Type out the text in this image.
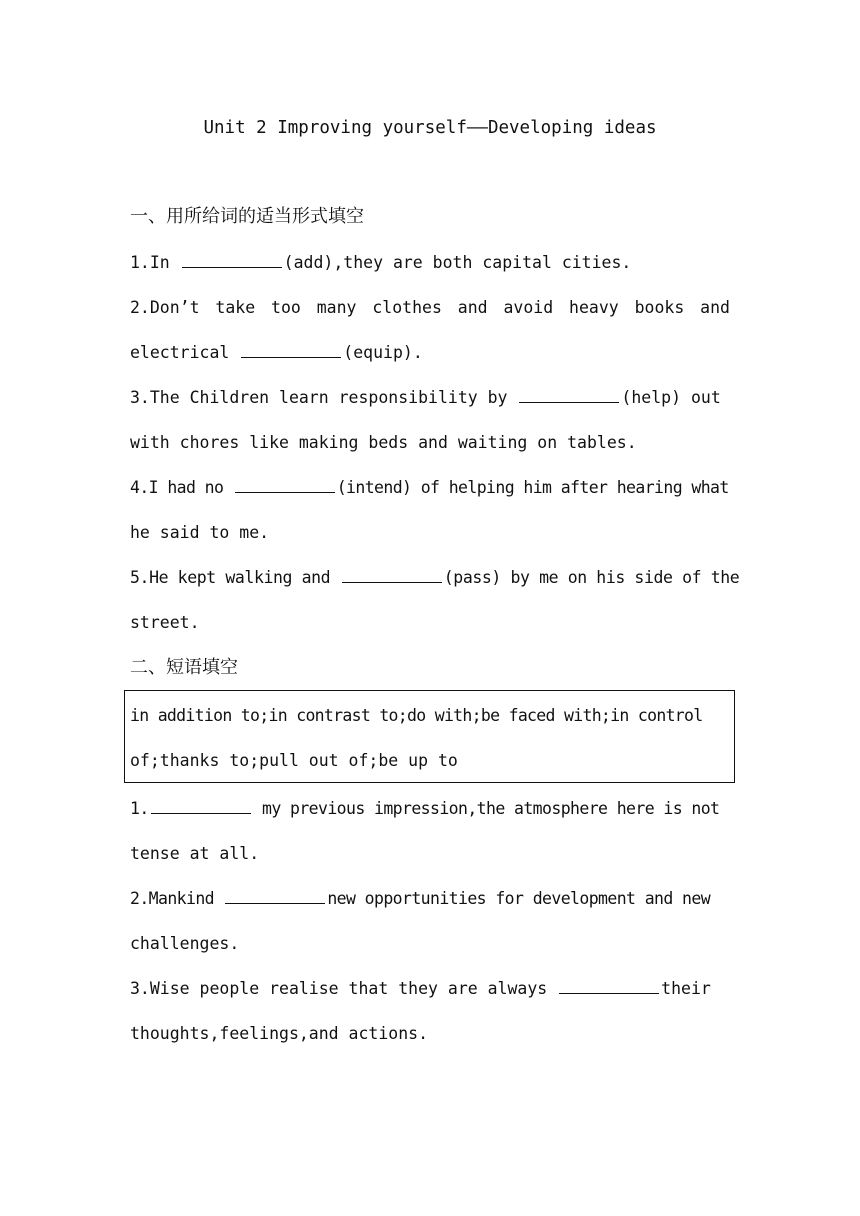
Unit 2 Improving yourself——Developing ideas
一、用所给词的适当形式填空
1.In	(add),they are both capital cities.
2.Don’t take too many clothes and avoid heavy books and
electrical	(equip).
3.The Children learn responsibility by	(help) out
with chores like making beds and waiting on tables.
4.I had no	(intend) of helping him after hearing what
he said to me.
5.He kept walking and	(pass) by me on his side of the
street.
二、短语填空
in addition to;in contrast to;do with;be faced with;in control
of;thanks to;pull out of;be up to
1.	my previous impression,the atmosphere here is not
tense at all.
2.Mankind	new opportunities for development and new
challenges.
3.Wise people realise that they are always	their
thoughts,feelings,and actions.
